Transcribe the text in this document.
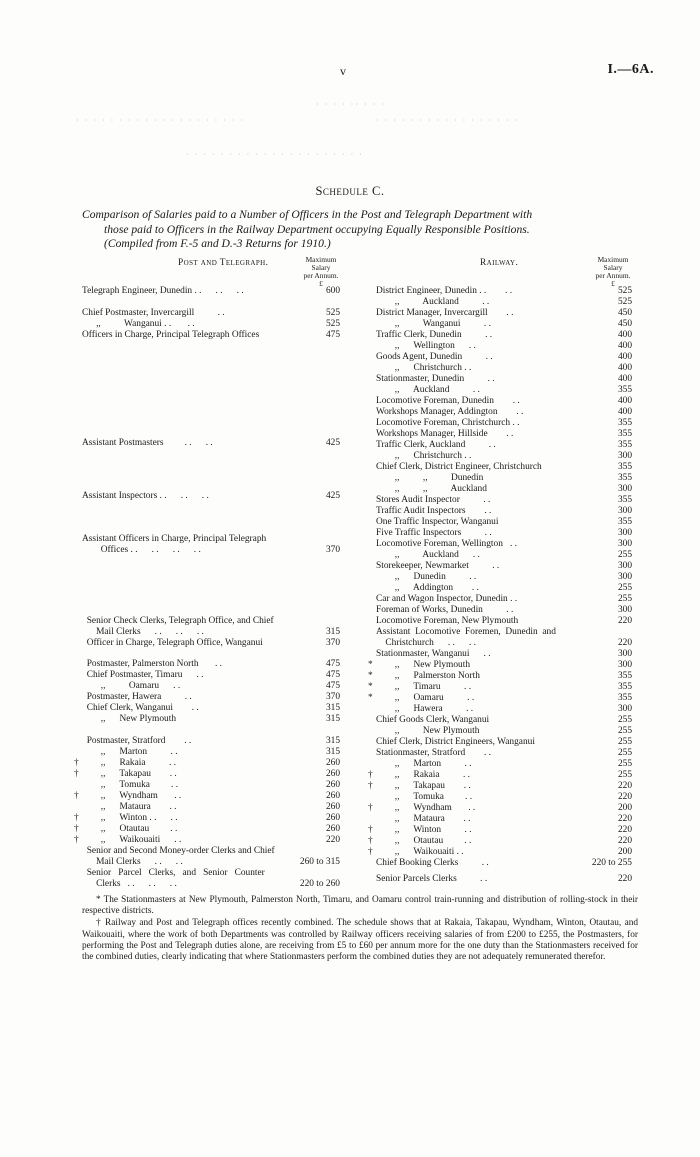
v	I.—6A.
· · · · ·· · · ·
· · · · · · · · · · · · · · · · · · · ·	· · · · · · · · · · · · · · · · ·
· · · · · · · · · · · · · · · · · · · · ·
Schedule C.
Comparison of Salaries paid to a Number of Officers in the Post and Telegraph Department with
those paid to Officers in the Railway Department occupying Equally Responsible Positions.
(Compiled from F.-5 and D.-3 Returns for 1910.)
Post and Telegraph.	Maximum
Salary
per Annum.
£
Telegraph Engineer, Dunedin . .      . .      . .	600
Chief Postmaster, Invercargill          . .	525
,,          Wanganui . .       . .	525
Officers in Charge, Principal Telegraph Offices	475
Assistant Postmasters         . .      . .	425
Assistant Inspectors . .      . .      . .	425
Assistant Officers in Charge, Principal Telegraph
Offices . .      . .      . .      . .	370
Senior Check Clerks, Telegraph Office, and Chief
Mail Clerks      . .      . .      . .	315
Officer in Charge, Telegraph Office, Wanganui	370
Postmaster, Palmerston North       . .	475
Chief Postmaster, Timaru      . .	475
,,          Oamaru      . .	475
Postmaster, Hawera          . .	370
Chief Clerk, Wanganui        . .	315
,,      New Plymouth	315
Postmaster, Stratford        . .	315
,,      Marton          . .	315
† ,,      Rakaia          . .	260
† ,,      Takapau        . .	260
,,      Tomuka         . .	260
† ,,      Wyndham       . .	260
,,      Mataura        . .	260
† ,,      Winton . .      . .	260
† ,,      Otautau         . .	260
† ,,      Waikouaiti      . .	220
Senior and Second Money-order Clerks and Chief
Mail Clerks      . .      . .	260 to 315
Senior   Parcel   Clerks,   and   Senior   Counter
Clerks   . .      . .      . .	220 to 260
Railway.	Maximum
Salary
per Annum.
£
District Engineer, Dunedin . .        . .	525
,,          Auckland          . .	525
District Manager, Invercargill        . .	450
,,          Wanganui          . .	450
Traffic Clerk, Dunedin          . .	400
,,      Wellington      . .	400
Goods Agent, Dunedin          . .	400
,,      Christchurch . .	400
Stationmaster, Dunedin          . .	400
,,      Auckland          . .	355
Locomotive Foreman, Dunedin        . .	400
Workshops Manager, Addington        . .	400
Locomotive Foreman, Christchurch . .	355
Workshops Manager, Hillside        . .	355
Traffic Clerk, Auckland          . .	355
,,      Christchurch . .	300
Chief Clerk, District Engineer, Christchurch	355
,,          ,,          Dunedin	355
,,          ,,          Auckland	300
Stores Audit Inspector          . .	355
Traffic Audit Inspectors        . .	300
One Traffic Inspector, Wanganui	355
Five Traffic Inspectors          . .	300
Locomotive Foreman, Wellington   . .	300
,,          Auckland      . .	255
Storekeeper, Newmarket          . .	300
,,      Dunedin          . .	300
,,      Addington        . .	255
Car and Wagon Inspector, Dunedin . .	255
Foreman of Works, Dunedin          . .	300
Locomotive Foreman, New Plymouth	220
Assistant  Locomotive  Foremen,  Dunedin  and
Christchurch      . .      . .	220
Stationmaster, Wanganui      . .	300
* ,,      New Plymouth	300
* ,,      Palmerston North	355
* ,,      Timaru          . .	355
* ,,      Oamaru          . .	355
,,      Hawera          . .	300
Chief Goods Clerk, Wanganui	255
,,          New Plymouth	255
Chief Clerk, District Engineers, Wanganui	255
Stationmaster, Stratford        . .	255
,,      Marton          . .	255
† ,,      Rakaia          . .	255
† ,,      Takapau        . .	220
,,      Tomuka         . .	220
† ,,      Wyndham       . .	200
,,      Mataura        . .	220
† ,,      Winton          . .	220
† ,,      Otautau         . .	220
† ,,      Waikouaiti . .	200
Chief Booking Clerks          . .	220 to 255
Senior Parcels Clerks          . .	220

* The Stationmasters at New Plymouth, Palmerston North, Timaru, and Oamaru control train-running and distribution of rolling-stock in their respective districts.

† Railway and Post and Telegraph offices recently combined. The schedule shows that at Rakaia, Takapau, Wyndham, Winton, Otautau, and Waikouaiti, where the work of both Departments was controlled by Railway officers receiving salaries of from £200 to £255, the Postmasters, for performing the Post and Telegraph duties alone, are receiving from £5 to £60 per annum more for the one duty than the Stationmasters received for the combined duties, clearly indicating that where Stationmasters perform the combined duties they are not adequately remunerated therefor.
